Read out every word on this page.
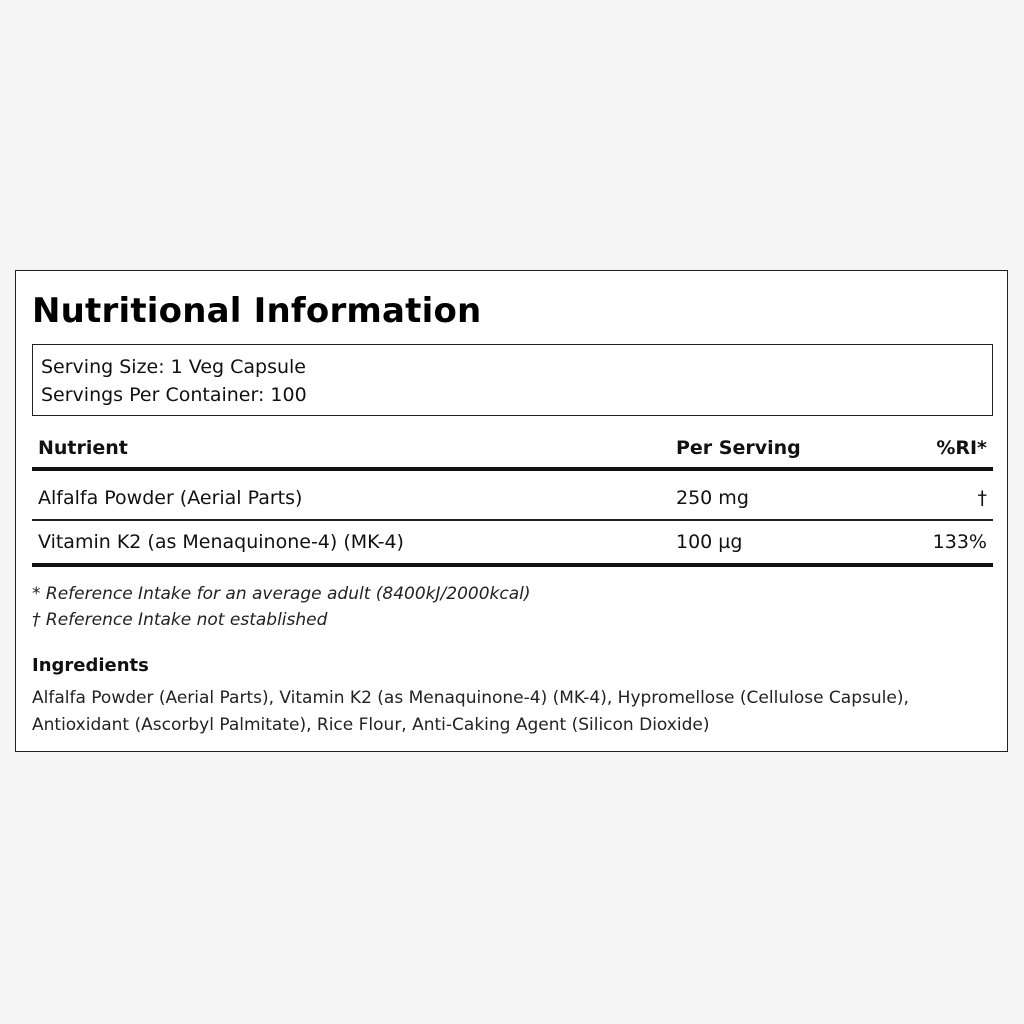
Nutritional Information
Serving Size: 1 Veg Capsule
Servings Per Container: 100
Nutrient	Per Serving	%RI*
Alfalfa Powder (Aerial Parts)	250 mg	†
Vitamin K2 (as Menaquinone-4) (MK-4)	100 µg	133%
* Reference Intake for an average adult (8400kJ/2000kcal)
† Reference Intake not established
Ingredients
Alfalfa Powder (Aerial Parts), Vitamin K2 (as Menaquinone-4) (MK-4), Hypromellose (Cellulose Capsule),
Antioxidant (Ascorbyl Palmitate), Rice Flour, Anti-Caking Agent (Silicon Dioxide)
